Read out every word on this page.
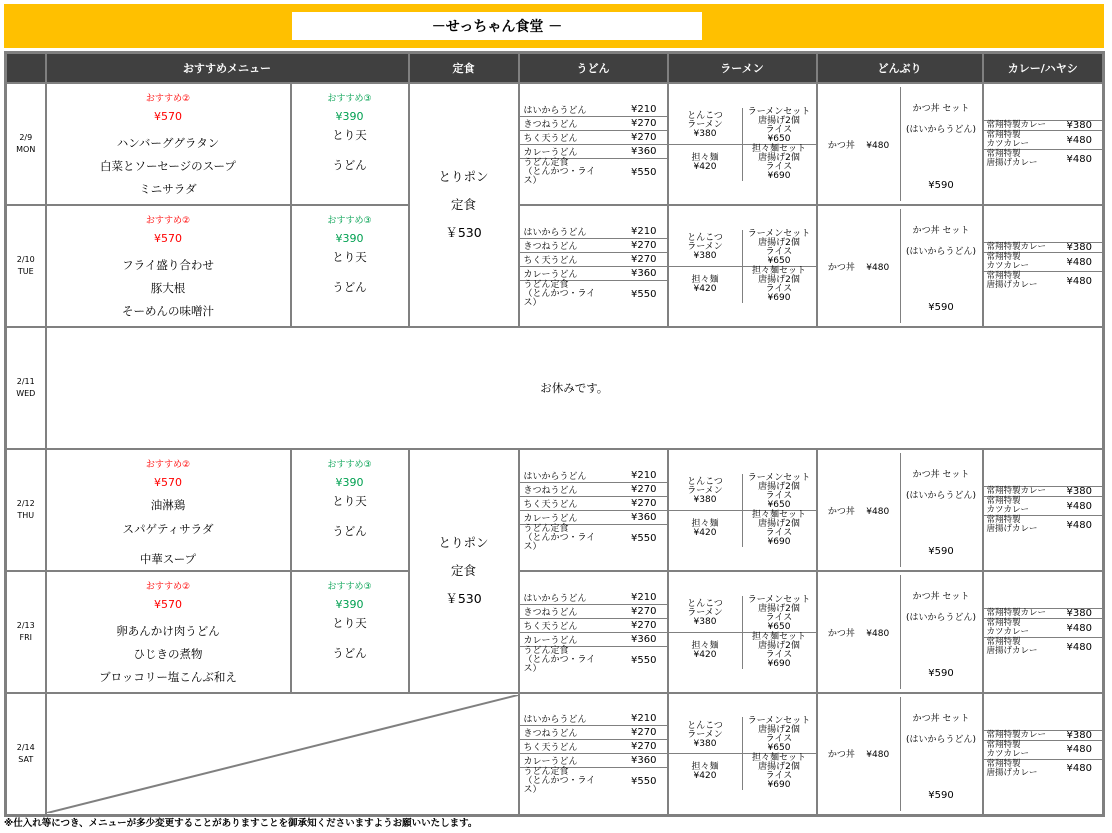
－せっちゃん食堂 －
	おすすめメニュー	定食	うどん	ラーメン	どんぶり	カレー/ハヤシ
2/9
MON	
おすすめ②
¥570
ハンバーググラタン
白菜とソーセージのスープ
ミニサラダ

おすすめ③
¥390
とり天
うどん

とりポン
定食
￥530

はいからうどん	¥210
きつねうどん	¥270
ちく天うどん	¥270
カレーうどん	¥360
うどん定食
（とんかつ・ライス）	¥550

とんこつ
ラーメン
¥380	ラーメンセット
唐揚げ2個
ライス
¥650
担々麺
¥420	担々麺セット
唐揚げ2個
ライス
¥690

かつ丼 ¥480	
かつ丼 セット
(はいからうどん)
¥590

常翔特製カレー	¥380
常翔特製
カツカレー	¥480
常翔特製
唐揚げカレー	¥480

2/10
TUE	
おすすめ②
¥570
フライ盛り合わせ
豚大根
そーめんの味噌汁

おすすめ③
¥390
とり天
うどん

はいからうどん	¥210
きつねうどん	¥270
ちく天うどん	¥270
カレーうどん	¥360
うどん定食
（とんかつ・ライス）	¥550

とんこつ
ラーメン
¥380	ラーメンセット
唐揚げ2個
ライス
¥650
担々麺
¥420	担々麺セット
唐揚げ2個
ライス
¥690

かつ丼 ¥480	
かつ丼 セット
(はいからうどん)
¥590

常翔特製カレー	¥380
常翔特製
カツカレー	¥480
常翔特製
唐揚げカレー	¥480

2/11
WED	お休みです。
2/12
THU	
おすすめ②
¥570
油淋鶏
スパゲティサラダ
中華スープ

おすすめ③
¥390
とり天
うどん

とりポン
定食
￥530

はいからうどん	¥210
きつねうどん	¥270
ちく天うどん	¥270
カレーうどん	¥360
うどん定食
（とんかつ・ライス）	¥550

とんこつ
ラーメン
¥380	ラーメンセット
唐揚げ2個
ライス
¥650
担々麺
¥420	担々麺セット
唐揚げ2個
ライス
¥690

かつ丼 ¥480	
かつ丼 セット
(はいからうどん)
¥590

常翔特製カレー	¥380
常翔特製
カツカレー	¥480
常翔特製
唐揚げカレー	¥480

2/13
FRI	
おすすめ②
¥570
卵あんかけ肉うどん
ひじきの煮物
ブロッコリー塩こんぶ和え

おすすめ③
¥390
とり天
うどん

はいからうどん	¥210
きつねうどん	¥270
ちく天うどん	¥270
カレーうどん	¥360
うどん定食
（とんかつ・ライス）	¥550

とんこつ
ラーメン
¥380	ラーメンセット
唐揚げ2個
ライス
¥650
担々麺
¥420	担々麺セット
唐揚げ2個
ライス
¥690

かつ丼 ¥480	
かつ丼 セット
(はいからうどん)
¥590

常翔特製カレー	¥380
常翔特製
カツカレー	¥480
常翔特製
唐揚げカレー	¥480

2/14
SAT	

はいからうどん	¥210
きつねうどん	¥270
ちく天うどん	¥270
カレーうどん	¥360
うどん定食
（とんかつ・ライス）	¥550

とんこつ
ラーメン
¥380	ラーメンセット
唐揚げ2個
ライス
¥650
担々麺
¥420	担々麺セット
唐揚げ2個
ライス
¥690

かつ丼 ¥480	
かつ丼 セット
(はいからうどん)
¥590

常翔特製カレー	¥380
常翔特製
カツカレー	¥480
常翔特製
唐揚げカレー	¥480
※仕入れ等につき、メニューが多少変更することがありますことを御承知くださいますようお願いいたします。
